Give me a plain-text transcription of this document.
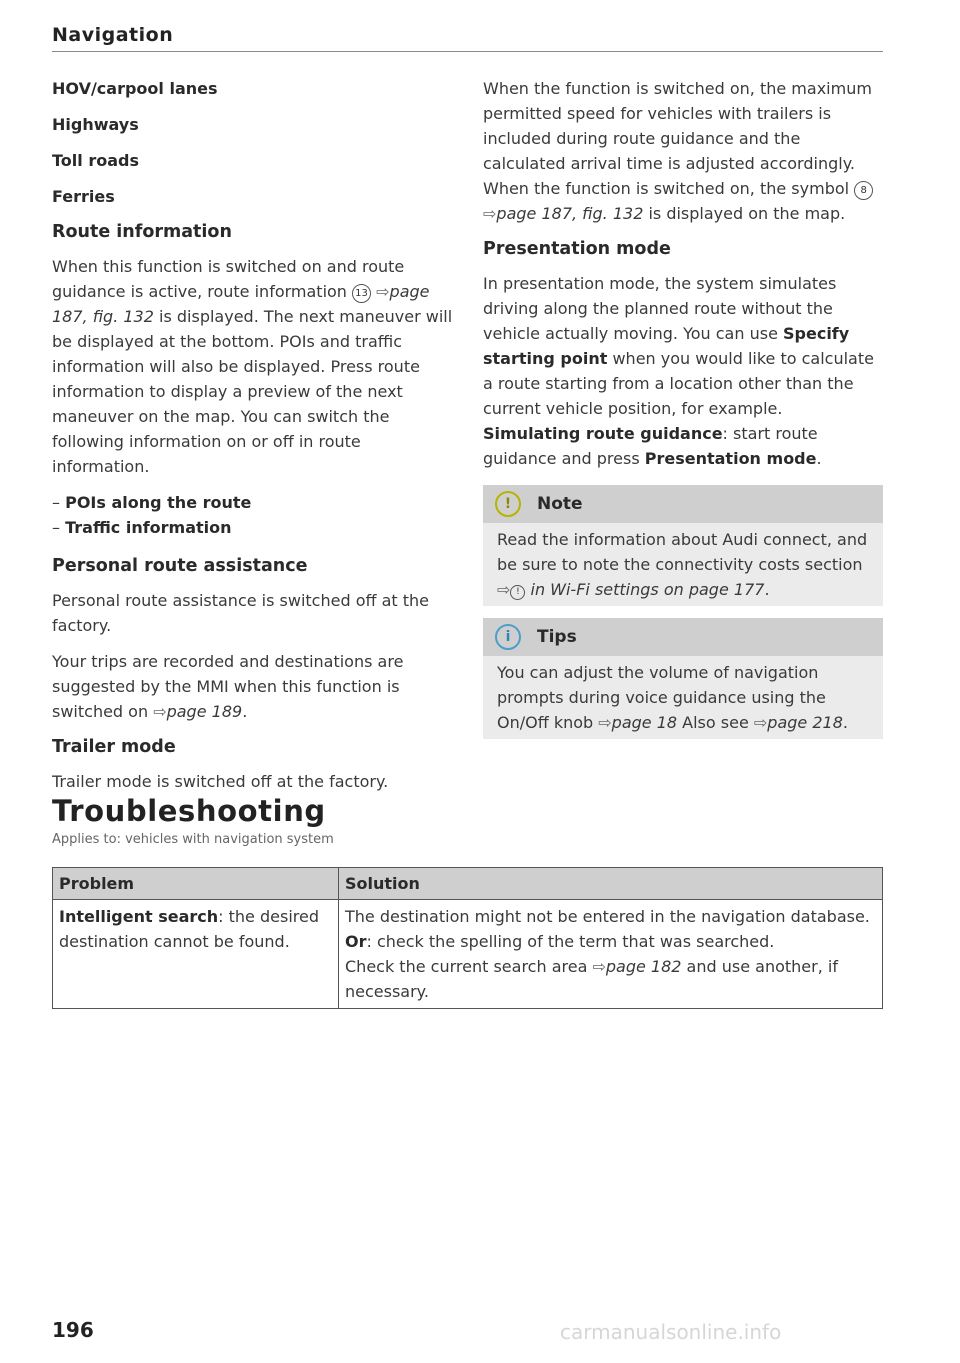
Navigation
HOV/carpool lanes
Highways
Toll roads
Ferries
Route information

When this function is switched on and route guidance is active, route information 13 ⇨page 187, fig. 132 is displayed. The next maneuver will be displayed at the bottom. POIs and traffic information will also be displayed. Press route information to display a preview of the next maneuver on the map. You can switch the following information on or off in route information.

– POIs along the route
– Traffic information
Personal route assistance

Personal route assistance is switched off at the factory.

Your trips are recorded and destinations are suggested by the MMI when this function is switched on ⇨page 189.

Trailer mode

Trailer mode is switched off at the factory.

When the function is switched on, the maximum permitted speed for vehicles with trailers is included during route guidance and the calculated arrival time is adjusted accordingly. When the function is switched on, the symbol 8 ⇨page 187, fig. 132 is displayed on the map.

Presentation mode

In presentation mode, the system simulates driving along the planned route without the vehicle actually moving. You can use Specify starting point when you would like to calculate a route starting from a location other than the current vehicle position, for example. Simulating route guidance: start route guidance and press Presentation mode.

!	Note
Read the information about Audi connect, and be sure to note the connectivity costs section ⇨ ! in Wi-Fi settings on page 177.
i	Tips
You can adjust the volume of navigation prompts during voice guidance using the On/Off knob ⇨page 18 Also see ⇨page 218.
Troubleshooting
Applies to: vehicles with navigation system
Problem	Solution
Intelligent search: the desired destination cannot be found.	The destination might not be entered in the navigation database.
Or: check the spelling of the term that was searched.
Check the current search area ⇨page 182 and use another, if necessary.
196	carmanualsonline.info
